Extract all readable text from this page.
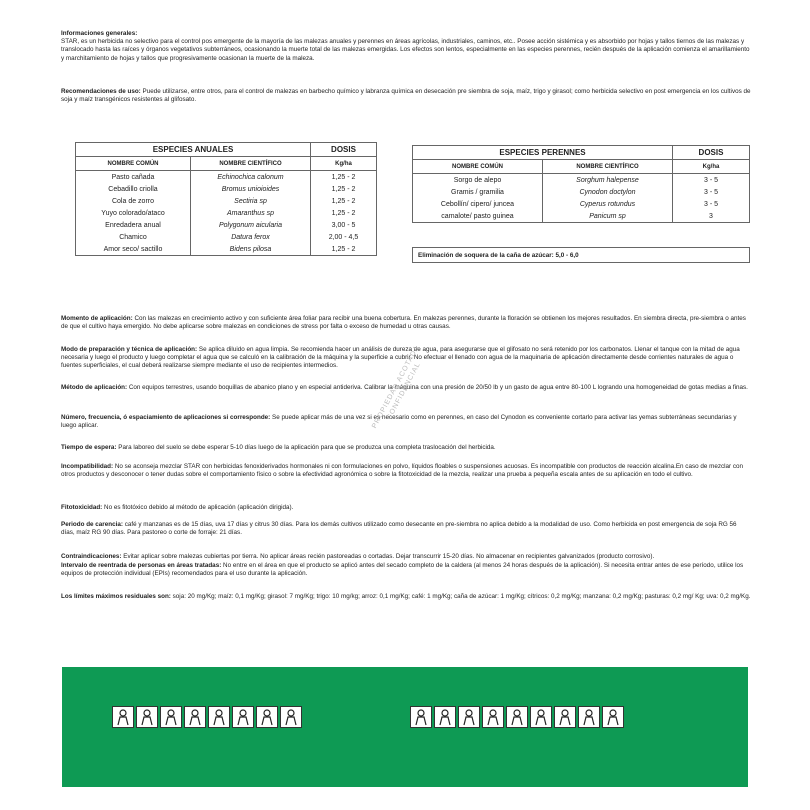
Informaciones generales:
STAR, es un herbicida no selectivo para el control pos emergente de la mayoría de las malezas anuales y perennes en áreas agrícolas, industriales, caminos, etc.. Posee acción sistémica y es absorbido por hojas y tallos tiernos de las malezas y translocado hasta las raíces y órganos vegetativos subterráneos, ocasionando la muerte total de las malezas emergidas. Los efectos son lentos, especialmente en las especies perennes, recién después de la aplicación comienza el amarillamiento y marchitamiento de hojas y tallos que progresivamente ocasionan la muerte de la maleza.
Recomendaciones de uso: Puede utilizarse, entre otros, para el control de malezas en barbecho químico y labranza química en desecación pre siembra de soja, maíz, trigo y girasol; como herbicida selectivo en post emergencia en los cultivos de soja y maíz transgénicos resistentes al glifosato.
ESPECIES ANUALES		DOSIS
NOMBRE COMÚN	NOMBRE CIENTÍFICO	Kg/ha
Pasto cañada	Echinochica calonum	1,25 - 2
Cebadillo criolla	Bromus unioioides	1,25 - 2
Cola de zorro	Sectiria sp	1,25 - 2
Yuyo colorado/ataco	Amaranthus sp	1,25 - 2
Enredadera anual	Polygonum aicularia	3,00 - 5
Chamico	Datura ferox	2,00 - 4,5
Amor seco/ sactillo	Bidens pilosa	1,25 - 2
ESPECIES PERENNES		DOSIS
NOMBRE COMÚN	NOMBRE CIENTÍFICO	Kg/ha
Sorgo de alepo	Sorghum halepense	3 - 5
Gramis / gramilia	Cynodon doctylon	3 - 5
Cebollín/ cipero/ juncea	Cyperus rotundus	3 - 5
camalote/ pasto guinea	Panicum sp	3
Eliminación de soquera de la caña de azúcar: 5,0 - 6,0
Momento de aplicación: Con las malezas en crecimiento activo y con suficiente área foliar para recibir una buena cobertura. En malezas perennes, durante la floración se obtienen los mejores resultados. En siembra directa, pre-siembra o antes de que el cultivo haya emergido. No debe aplicarse sobre malezas en condiciones de stress por falta o exceso de humedad u otras causas.
Modo de preparación y técnica de aplicación: Se aplica diluido en agua limpia. Se recomienda hacer un análisis de dureza de agua, para asegurarse que el glifosato no será retenido por los carbonatos. Llenar el tanque con la mitad de agua necesaria y luego el producto y luego completar el agua que se calculó en la calibración de la máquina y la superficie a cubrir. No efectuar el llenado con agua de la maquinaria de aplicación directamente desde corrientes naturales de agua o fuentes superficiales, el cual deberá realizarse siempre mediante el uso de recipientes intermedios.
Método de aplicación: Con equipos terrestres, usando boquillas de abanico plano y en especial antideriva. Calibrar la máquina con una presión de 20/50 lb y un gasto de agua entre 80-100 L logrando una homogeneidad de gotas medias a finas.
Número, frecuencia, ó espaciamiento de aplicaciones si corresponde: Se puede aplicar más de una vez si es necesario como en perennes, en caso del Cynodon es conveniente cortarlo para activar las yemas subterráneas secundarias y luego aplicar.
Tiempo de espera: Para laboreo del suelo se debe esperar 5-10 días luego de la aplicación para que se produzca una completa traslocación del herbicida.
Incompatibilidad: No se aconseja mezclar STAR con herbicidas fenoxiderivados hormonales ni con formulaciones en polvo, líquidos floables o suspensiones acuosas. Es incompatible con productos de reacción alcalina.En caso de mezclar con otros productos y desconocer o tener dudas sobre el comportamiento físico o sobre la efectividad agronómica o sobre la fitotoxicidad de la mezcla, realizar una prueba a pequeña escala antes de su aplicación en todo el cultivo.
Fitotoxicidad: No es fitotóxico debido al método de aplicación (aplicación dirigida).
Periodo de carencia: café y manzanas es de 15 días, uva 17 días y citrus 30 días. Para los demás cultivos utilizado como desecante en pre-siembra no aplica debido a la modalidad de uso. Como herbicida en post emergencia de soja RG 56 días, maíz RG 90 días. Para pastoreo o corte de forraje: 21 días.
Contraindicaciones: Evitar aplicar sobre malezas cubiertas por tierra. No aplicar áreas recién pastoreadas o cortadas. Dejar transcurrir 15-20 días. No almacenar en recipientes galvanizados (producto corrosivo).
Intervalo de reentrada de personas en áreas tratadas: No entre en el área en que el producto se aplicó antes del secado completo de la caldera (al menos 24 horas después de la aplicación). Si necesita entrar antes de ese período, utilice los equipos de protección individual (EPIs) recomendados para el uso durante la aplicación.
Los límites máximos residuales son: soja: 20 mg/Kg; maíz: 0,1 mg/Kg; girasol: 7 mg/Kg; trigo: 10 mg/kg; arroz: 0,1 mg/Kg; café: 1 mg/Kg; caña de azúcar: 1 mg/Kg; cítricos: 0,2 mg/Kg; manzana: 0,2 mg/Kg; pasturas: 0,2 mg/ Kg; uva: 0,2 mg/Kg.
PROPIEDAD ACOTADA CONFIDENCIAL
